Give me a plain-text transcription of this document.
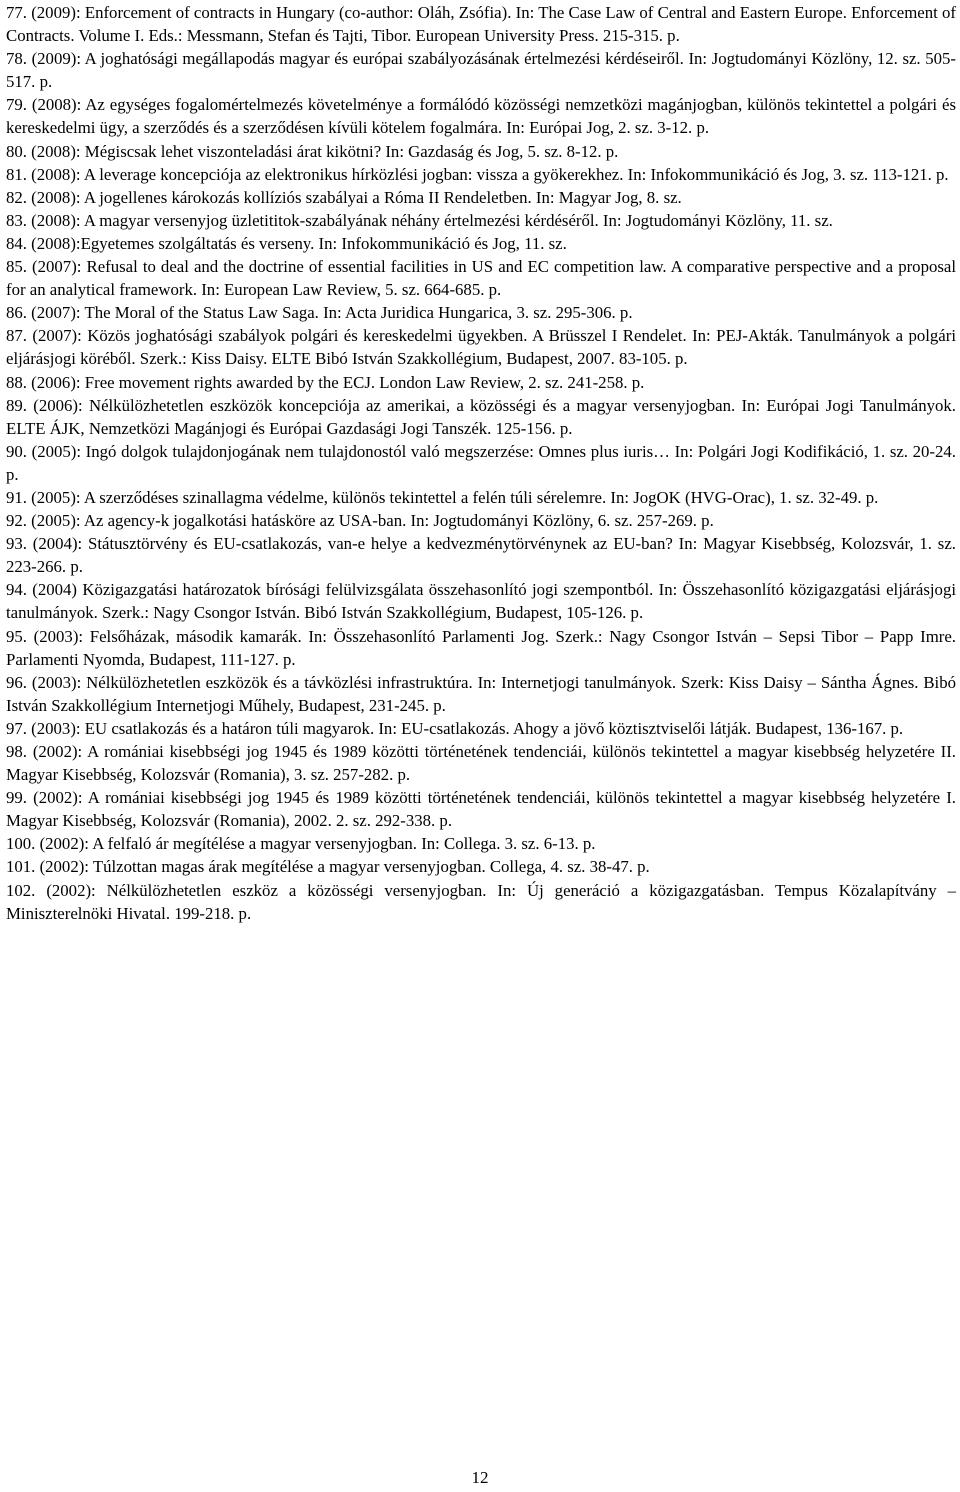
77. (2009): Enforcement of contracts in Hungary (co-author: Oláh, Zsófia). In: The Case Law of Central and Eastern Europe. Enforcement of Contracts. Volume I. Eds.: Messmann, Stefan és Tajti, Tibor. European University Press. 215-315. p.

78. (2009): A joghatósági megállapodás magyar és európai szabályozásának értelmezési kérdéseiről. In: Jogtudományi Közlöny, 12. sz. 505-517. p.

79. (2008): Az egységes fogalomértelmezés követelménye a formálódó közösségi nemzetközi magánjogban, különös tekintettel a polgári és kereskedelmi ügy, a szerződés és a szerződésen kívüli kötelem fogalmára. In: Európai Jog, 2. sz. 3-12. p.

80. (2008): Mégiscsak lehet viszonteladási árat kikötni? In: Gazdaság és Jog, 5. sz. 8-12. p.

81. (2008): A leverage koncepciója az elektronikus hírközlési jogban: vissza a gyökerekhez. In: Infokommunikáció és Jog, 3. sz. 113-121. p.

82. (2008): A jogellenes károkozás kollíziós szabályai a Róma II Rendeletben. In: Magyar Jog, 8. sz.

83. (2008): A magyar versenyjog üzletititok-szabályának néhány értelmezési kérdéséről. In: Jogtudományi Közlöny, 11. sz.

84. (2008):Egyetemes szolgáltatás és verseny. In: Infokommunikáció és Jog, 11. sz.

85. (2007): Refusal to deal and the doctrine of essential facilities in US and EC competition law. A comparative perspective and a proposal for an analytical framework. In: European Law Review, 5. sz. 664-685. p.

86. (2007): The Moral of the Status Law Saga. In: Acta Juridica Hungarica, 3. sz. 295-306. p.

87. (2007): Közös joghatósági szabályok polgári és kereskedelmi ügyekben. A Brüsszel I Rendelet. In: PEJ-Akták. Tanulmányok a polgári eljárásjogi köréből. Szerk.: Kiss Daisy. ELTE Bibó István Szakkollégium, Budapest, 2007. 83-105. p.

88. (2006): Free movement rights awarded by the ECJ. London Law Review, 2. sz. 241-258. p.

89. (2006): Nélkülözhetetlen eszközök koncepciója az amerikai, a közösségi és a magyar versenyjogban. In: Európai Jogi Tanulmányok. ELTE ÁJK, Nemzetközi Magánjogi és Európai Gazdasági Jogi Tanszék. 125-156. p.

90. (2005): Ingó dolgok tulajdonjogának nem tulajdonostól való megszerzése: Omnes plus iuris… In: Polgári Jogi Kodifikáció, 1. sz. 20-24. p.

91. (2005): A szerződéses szinallagma védelme, különös tekintettel a felén túli sérelemre. In: JogOK (HVG-Orac), 1. sz. 32-49. p.

92. (2005): Az agency-k jogalkotási hatásköre az USA-ban. In: Jogtudományi Közlöny, 6. sz. 257-269. p.

93. (2004): Státusztörvény és EU-csatlakozás, van-e helye a kedvezménytörvénynek az EU-ban? In: Magyar Kisebbség, Kolozsvár, 1. sz. 223-266. p.

94. (2004) Közigazgatási határozatok bírósági felülvizsgálata összehasonlító jogi szempontból. In: Összehasonlító közigazgatási eljárásjogi tanulmányok. Szerk.: Nagy Csongor István. Bibó István Szakkollégium, Budapest, 105-126. p.

95. (2003): Felsőházak, második kamarák. In: Összehasonlító Parlamenti Jog. Szerk.: Nagy Csongor István – Sepsi Tibor – Papp Imre. Parlamenti Nyomda, Budapest, 111-127. p.

96. (2003): Nélkülözhetetlen eszközök és a távközlési infrastruktúra. In: Internetjogi tanulmányok. Szerk: Kiss Daisy – Sántha Ágnes. Bibó István Szakkollégium Internetjogi Műhely, Budapest, 231-245. p.

97. (2003): EU csatlakozás és a határon túli magyarok. In: EU-csatlakozás. Ahogy a jövő köztisztviselői látják. Budapest, 136-167. p.

98. (2002): A romániai kisebbségi jog 1945 és 1989 közötti történetének tendenciái, különös tekintettel a magyar kisebbség helyzetére II. Magyar Kisebbség, Kolozsvár (Romania), 3. sz. 257-282. p.

99. (2002): A romániai kisebbségi jog 1945 és 1989 közötti történetének tendenciái, különös tekintettel a magyar kisebbség helyzetére I. Magyar Kisebbség, Kolozsvár (Romania), 2002. 2. sz. 292-338. p.

100. (2002): A felfaló ár megítélése a magyar versenyjogban. In: Collega. 3. sz. 6-13. p.

101. (2002): Túlzottan magas árak megítélése a magyar versenyjogban. Collega, 4. sz. 38-47. p.

102. (2002): Nélkülözhetetlen eszköz a közösségi versenyjogban. In: Új generáció a közigazgatásban. Tempus Közalapítvány – Miniszterelnöki Hivatal. 199-218. p.

12
